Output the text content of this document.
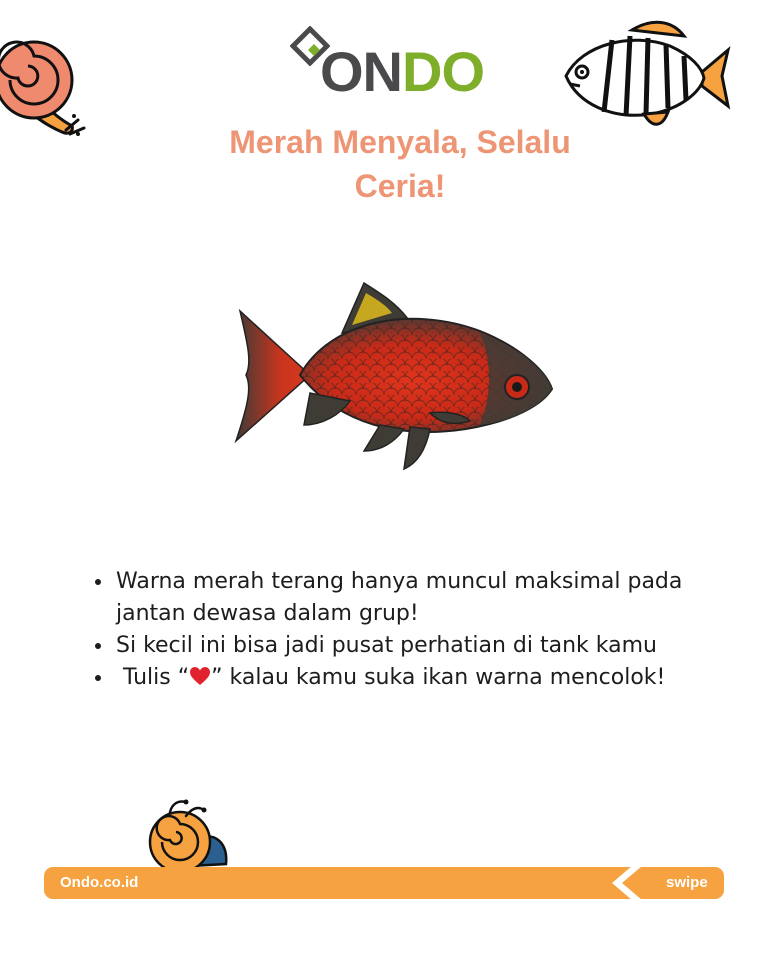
ONDO
Merah Menyala, Selalu Ceria!
• Warna merah terang hanya muncul maksimal pada jantan dewasa dalam grup!
• Si kecil ini bisa jadi pusat perhatian di tank kamu
•  Tulis “ ” kalau kamu suka ikan warna mencolok!
Ondo.co.id	swipe
